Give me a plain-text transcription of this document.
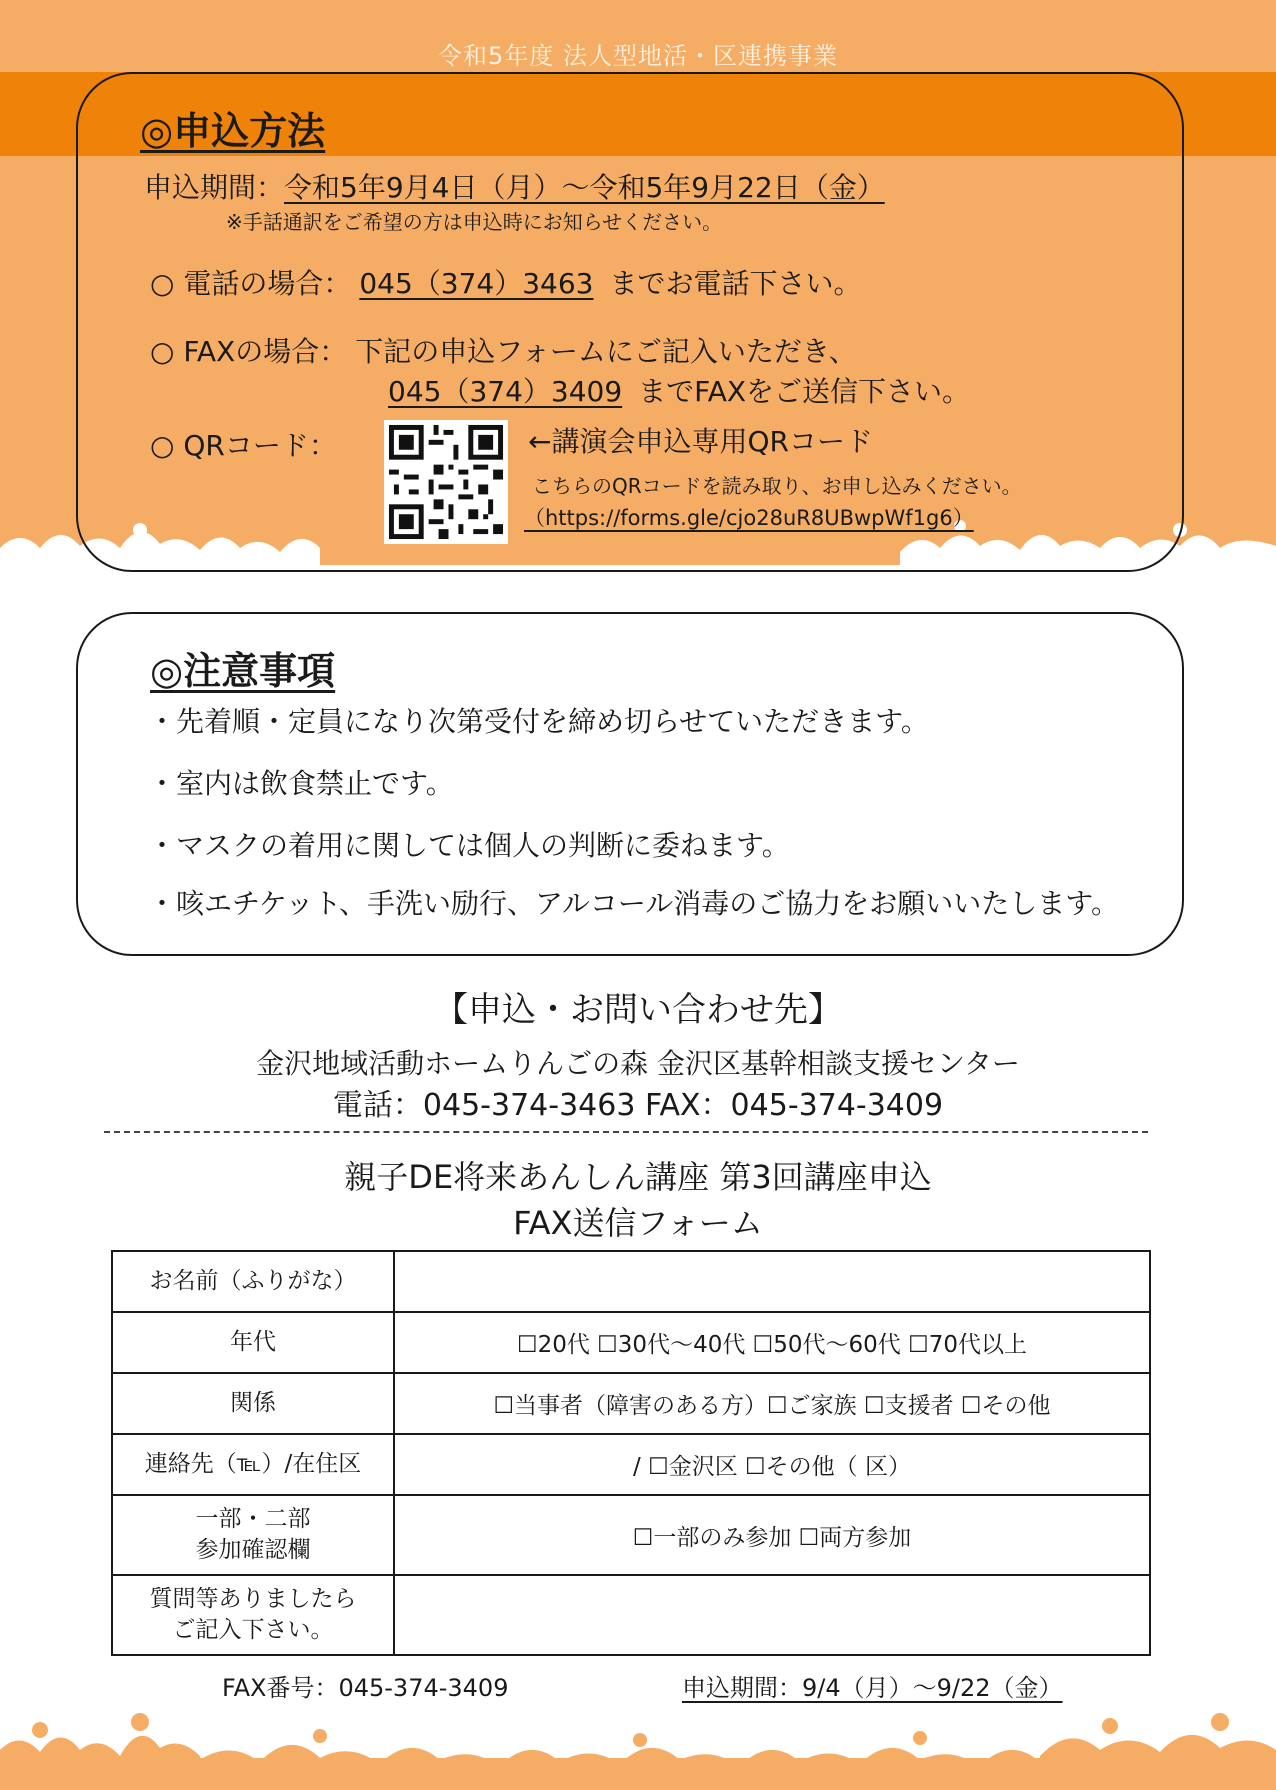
令和5年度 法人型地活・区連携事業
◎申込方法
申込期間：令和5年9月4日（月）～令和5年9月22日（金）
※手話通訳をご希望の方は申込時にお知らせください。
○ 電話の場合： 045（374）3463 までお電話下さい。
○ FAXの場合： 下記の申込フォームにご記入いただき、
045（374）3409 までFAXをご送信下さい。
○ QRコード：	←講演会申込専用QRコード
こちらのQRコードを読み取り、お申し込みください。
（https://forms.gle/cjo28uR8UBwpWf1g6）
◎注意事項
・先着順・定員になり次第受付を締め切らせていただきます。
・室内は飲食禁止です。
・マスクの着用に関しては個人の判断に委ねます。
・咳エチケット、手洗い励行、アルコール消毒のご協力をお願いいたします。
【申込・お問い合わせ先】
金沢地域活動ホームりんごの森 金沢区基幹相談支援センター
電話：045-374-3463 FAX：045-374-3409
親子DE将来あんしん講座 第3回講座申込
FAX送信フォーム
お名前（ふりがな）	
年代	☐20代 ☐30代～40代 ☐50代～60代 ☐70代以上
関係	☐当事者（障害のある方）☐ご家族 ☐支援者 ☐その他
連絡先（℡）/在住区	/ ☐金沢区 ☐その他（ 区）
一部・二部
参加確認欄	☐一部のみ参加 ☐両方参加
質問等ありましたら
ご記入下さい。	
FAX番号：045-374-3409	申込期間：9/4（月）～9/22（金）
